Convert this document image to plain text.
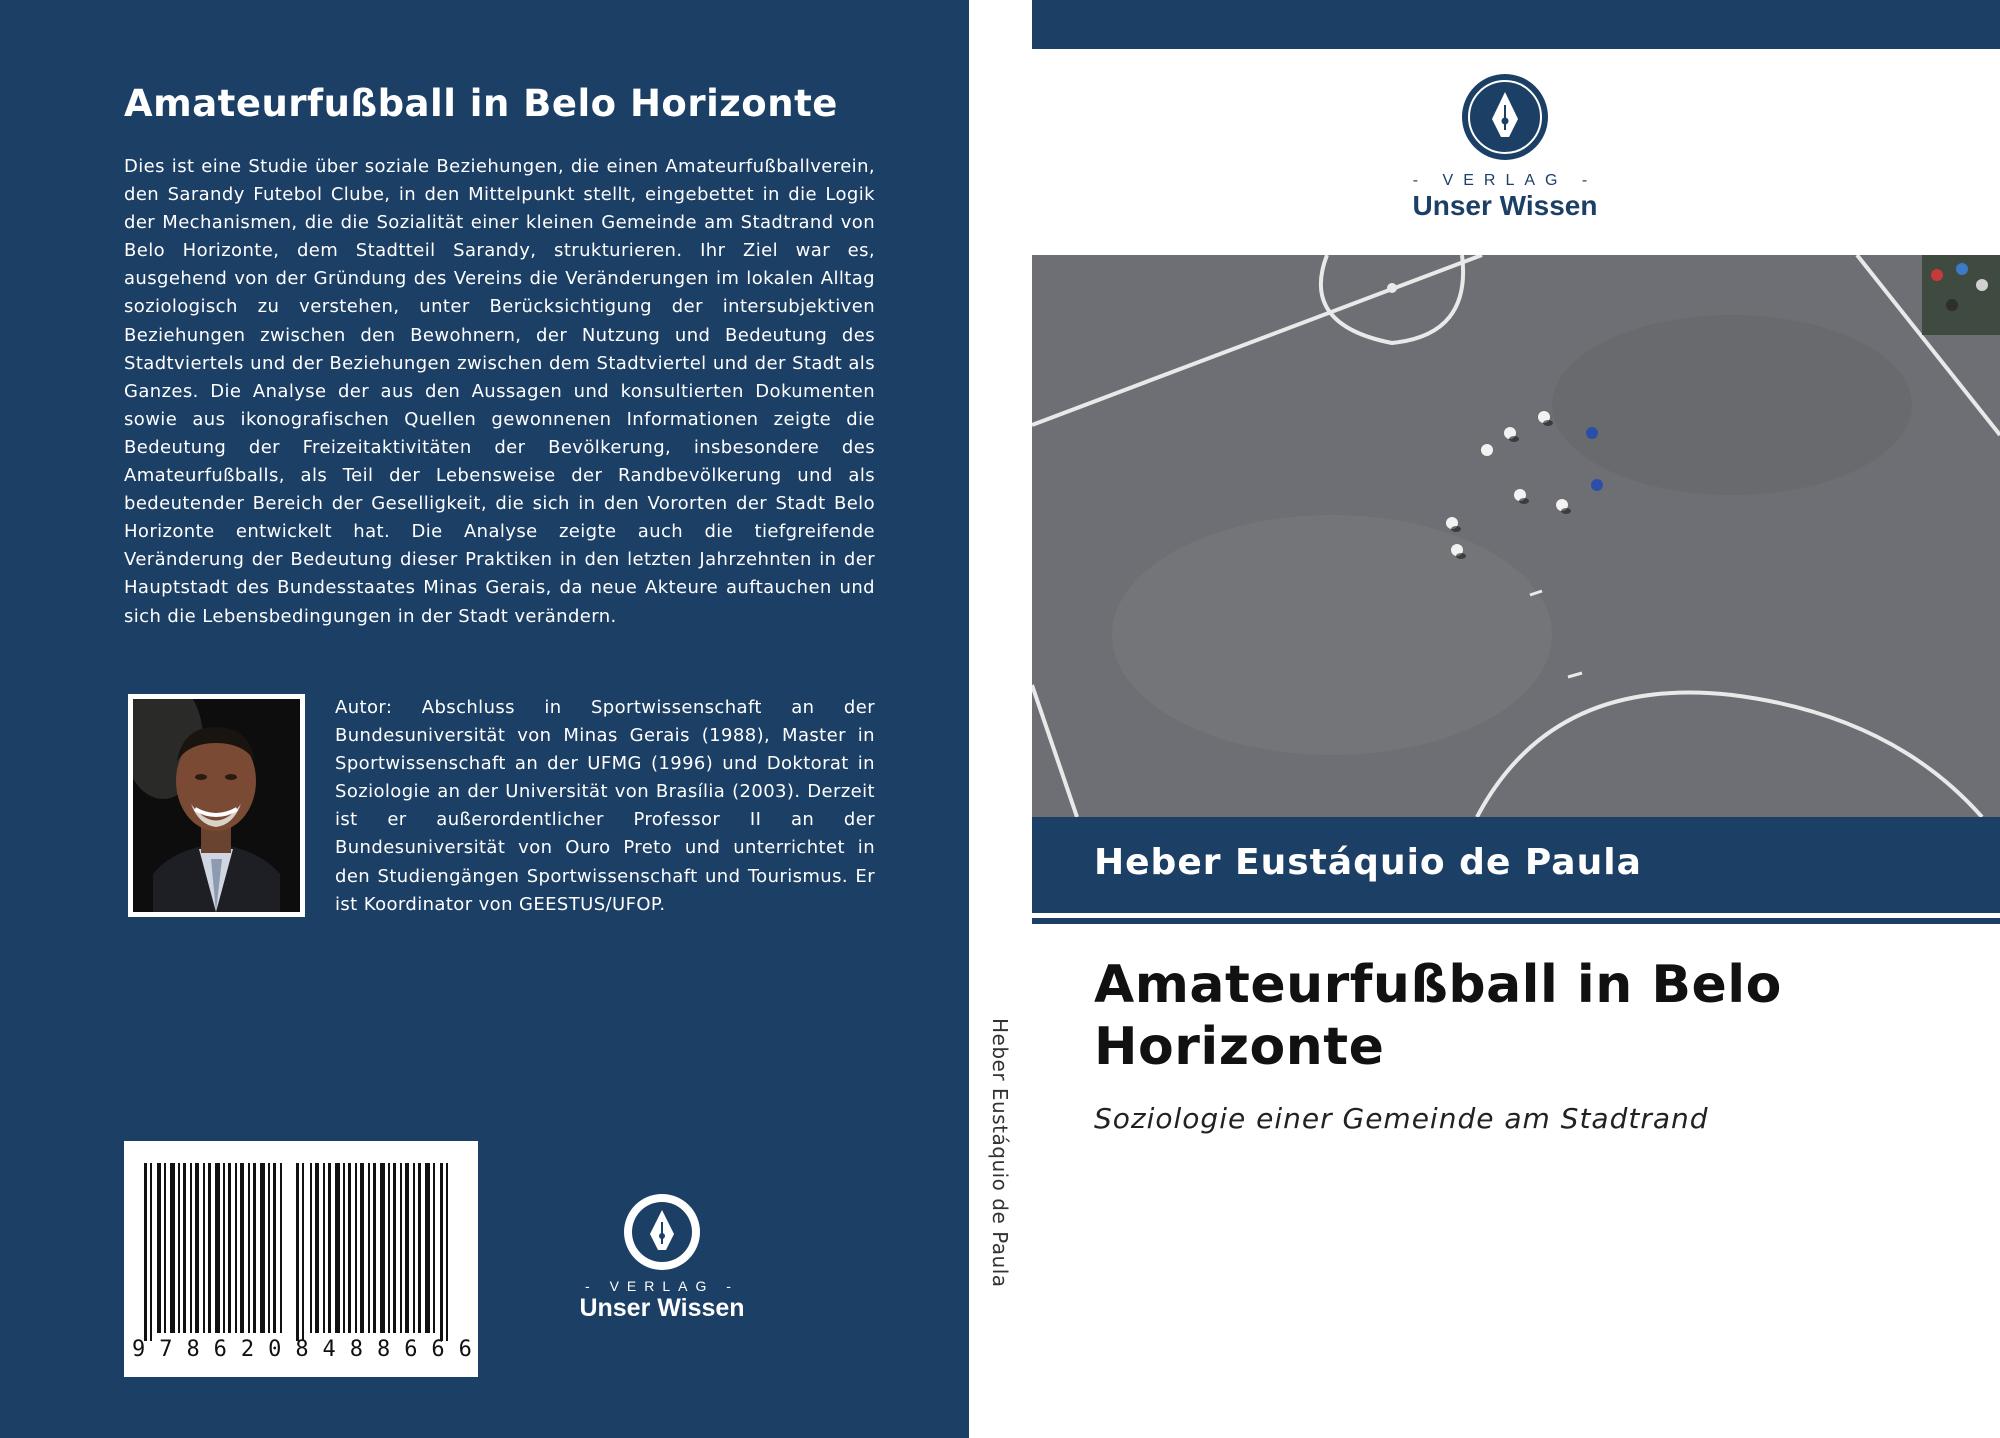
Amateurfußball in Belo Horizonte
Dies ist eine Studie über soziale Beziehungen, die einen Amateurfußballverein, den Sarandy Futebol Clube, in den Mittelpunkt stellt, eingebettet in die Logik der Mechanismen, die die Sozialität einer kleinen Gemeinde am Stadtrand von Belo Horizonte, dem Stadtteil Sarandy, strukturieren. Ihr Ziel war es, ausgehend von der Gründung des Vereins die Veränderungen im lokalen Alltag soziologisch zu verstehen, unter Berücksichtigung der intersubjektiven Beziehungen zwischen den Bewohnern, der Nutzung und Bedeutung des Stadtviertels und der Beziehungen zwischen dem Stadtviertel und der Stadt als Ganzes. Die Analyse der aus den Aussagen und konsultierten Dokumenten sowie aus ikonografischen Quellen gewonnenen Informationen zeigte die Bedeutung der Freizeitaktivitäten der Bevölkerung, insbesondere des Amateurfußballs, als Teil der Lebensweise der Randbevölkerung und als bedeutender Bereich der Geselligkeit, die sich in den Vororten der Stadt Belo Horizonte entwickelt hat. Die Analyse zeigte auch die tiefgreifende Veränderung der Bedeutung dieser Praktiken in den letzten Jahrzehnten in der Hauptstadt des Bundesstaates Minas Gerais, da neue Akteure auftauchen und sich die Lebensbedingungen in der Stadt verändern.
Autor: Abschluss in Sportwissenschaft an der Bundesuniversität von Minas Gerais (1988), Master in Sportwissenschaft an der UFMG (1996) und Doktorat in Soziologie an der Universität von Brasília (2003). Derzeit ist er außerordentlicher Professor II an der Bundesuniversität von Ouro Preto und unterrichtet in den Studiengängen Sportwissenschaft und Tourismus. Er ist Koordinator von GEESTUS/UFOP.
9 7 8 6 2 0 8 4 8 8 6 6 6
- VERLAG -
Unser Wissen
Heber Eustáquio de Paula
- VERLAG -
Unser Wissen
Heber Eustáquio de Paula
Amateurfußball in Belo Horizonte
Soziologie einer Gemeinde am Stadtrand
